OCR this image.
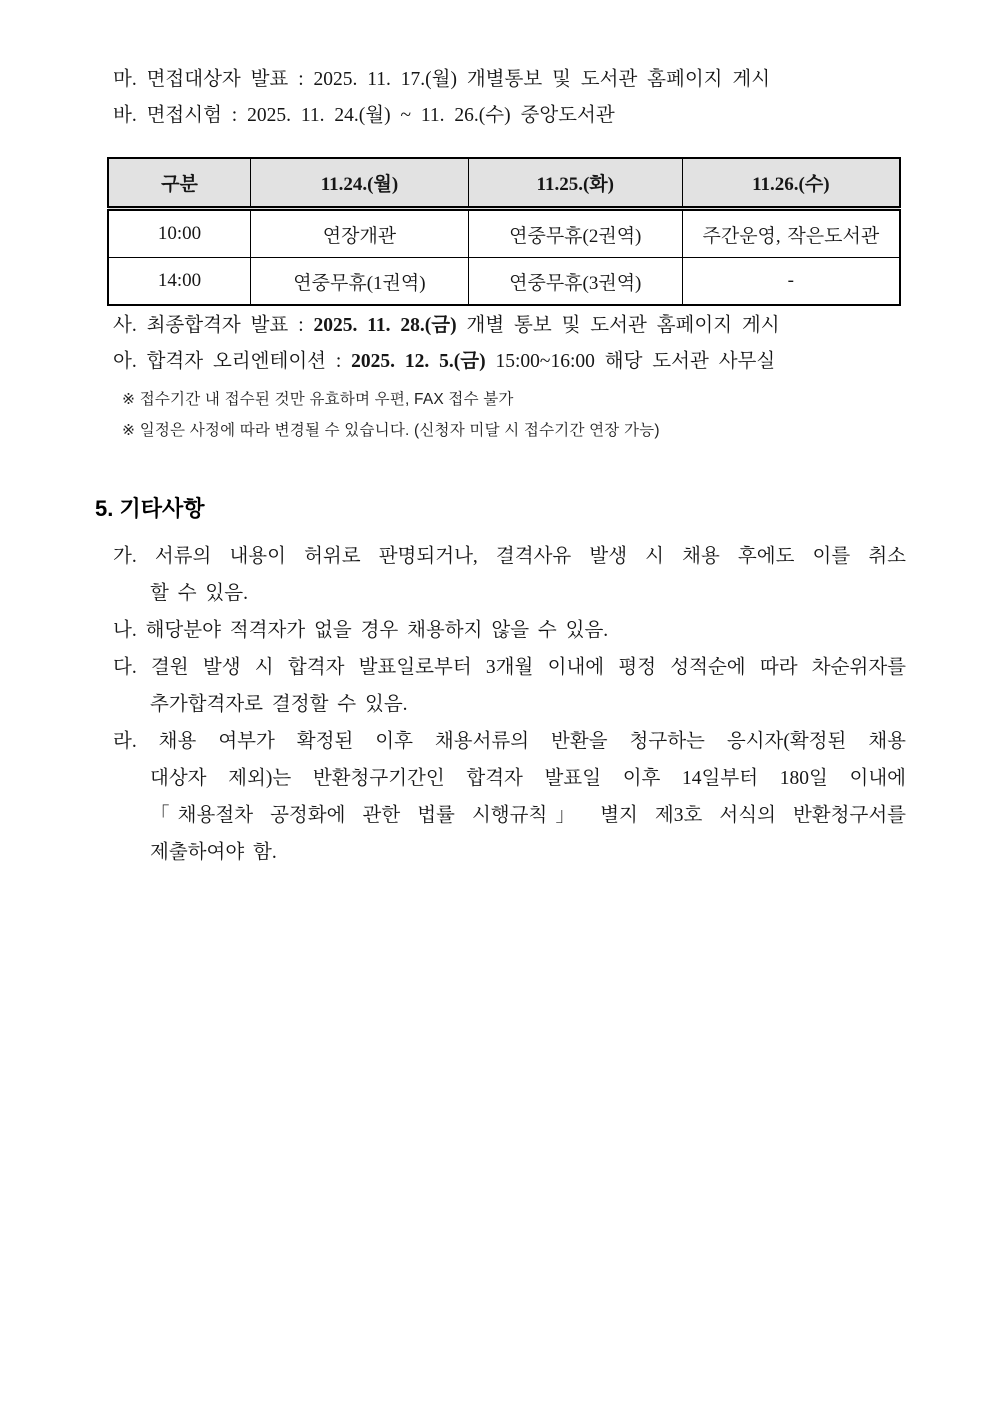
마. 면접대상자 발표 : 2025. 11. 17.(월) 개별통보 및 도서관 홈페이지 게시
바. 면접시험 : 2025. 11. 24.(월) ~ 11. 26.(수) 중앙도서관
구분	11.24.(월)	11.25.(화)	11.26.(수)
10:00	연장개관	연중무휴(2권역)	주간운영, 작은도서관
14:00	연중무휴(1권역)	연중무휴(3권역)	-
사. 최종합격자 발표 : 2025. 11. 28.(금) 개별 통보 및 도서관 홈페이지 게시
아. 합격자 오리엔테이션 : 2025. 12. 5.(금) 15:00~16:00 해당 도서관 사무실
※ 접수기간 내 접수된 것만 유효하며 우편, FAX 접수 불가
※ 일정은 사정에 따라 변경될 수 있습니다. (신청자 미달 시 접수기간 연장 가능)
5. 기타사항
가. 서류의 내용이 허위로 판명되거나, 결격사유 발생 시 채용 후에도 이를 취소
할 수 있음.
나. 해당분야 적격자가 없을 경우 채용하지 않을 수 있음.
다. 결원 발생 시 합격자 발표일로부터 3개월 이내에 평정 성적순에 따라 차순위자를
추가합격자로 결정할 수 있음.
라. 채용 여부가 확정된 이후 채용서류의 반환을 청구하는 응시자(확정된 채용
대상자 제외)는 반환청구기간인 합격자 발표일 이후 14일부터 180일 이내에
「채용절차 공정화에 관한 법률 시행규칙」 별지 제3호 서식의 반환청구서를
제출하여야 함.
